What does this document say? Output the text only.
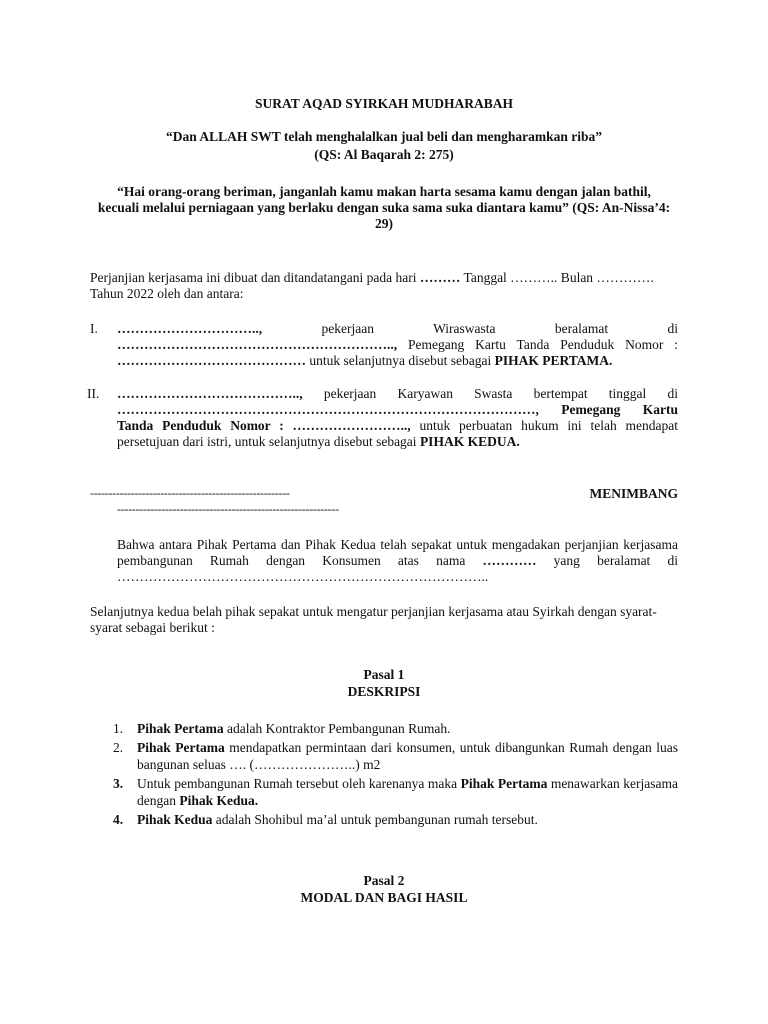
SURAT AQAD SYIRKAH MUDHARABAH
“Dan ALLAH SWT telah menghalalkan jual beli dan mengharamkan riba”
(QS: Al Baqarah 2: 275)
“Hai orang-orang beriman, janganlah kamu makan harta sesama kamu dengan jalan bathil,
kecuali melalui perniagaan yang berlaku dengan suka sama suka diantara kamu” (QS: An-Nissa’4:
29)
Perjanjian kerjasama ini dibuat dan ditandatangani pada hari ……… Tanggal ……….. Bulan ………….
Tahun 2022 oleh dan antara:
I. …………………………..,	pekerjaan Wiraswasta beralamat di
…………………………………………………….., Pemegang Kartu Tanda Penduduk Nomor :
…………………………………… untuk selanjutnya disebut sebagai PIHAK PERTAMA.
II. ………………………………….., pekerjaan Karyawan Swasta bertempat tinggal di
…………………………………………………………………………………, Pemegang Kartu
Tanda Penduduk Nomor : …………………….., untuk perbuatan hukum ini telah mendapat
persetujuan dari istri, untuk selanjutnya disebut sebagai PIHAK KEDUA.
------------------------------------------------------	MENIMBANG
------------------------------------------------------------
Bahwa antara Pihak Pertama dan Pihak Kedua telah sepakat untuk mengadakan perjanjian kerjasama
pembangunan Rumah dengan Konsumen atas nama ………… yang beralamat di
………………………………………………………………………..
Selanjutnya kedua belah pihak sepakat untuk mengatur perjanjian kerjasama atau Syirkah dengan syarat-
syarat sebagai berikut :
Pasal 1
DESKRIPSI
1. Pihak Pertama adalah Kontraktor Pembangunan Rumah.
2. Pihak Pertama mendapatkan permintaan dari konsumen, untuk dibangunkan Rumah dengan luas bangunan seluas …. (…………………..) m2
3. Untuk pembangunan Rumah tersebut oleh karenanya maka Pihak Pertama menawarkan kerjasama dengan Pihak Kedua.
4. Pihak Kedua adalah Shohibul ma’al untuk pembangunan rumah tersebut.
Pasal 2
MODAL DAN BAGI HASIL
